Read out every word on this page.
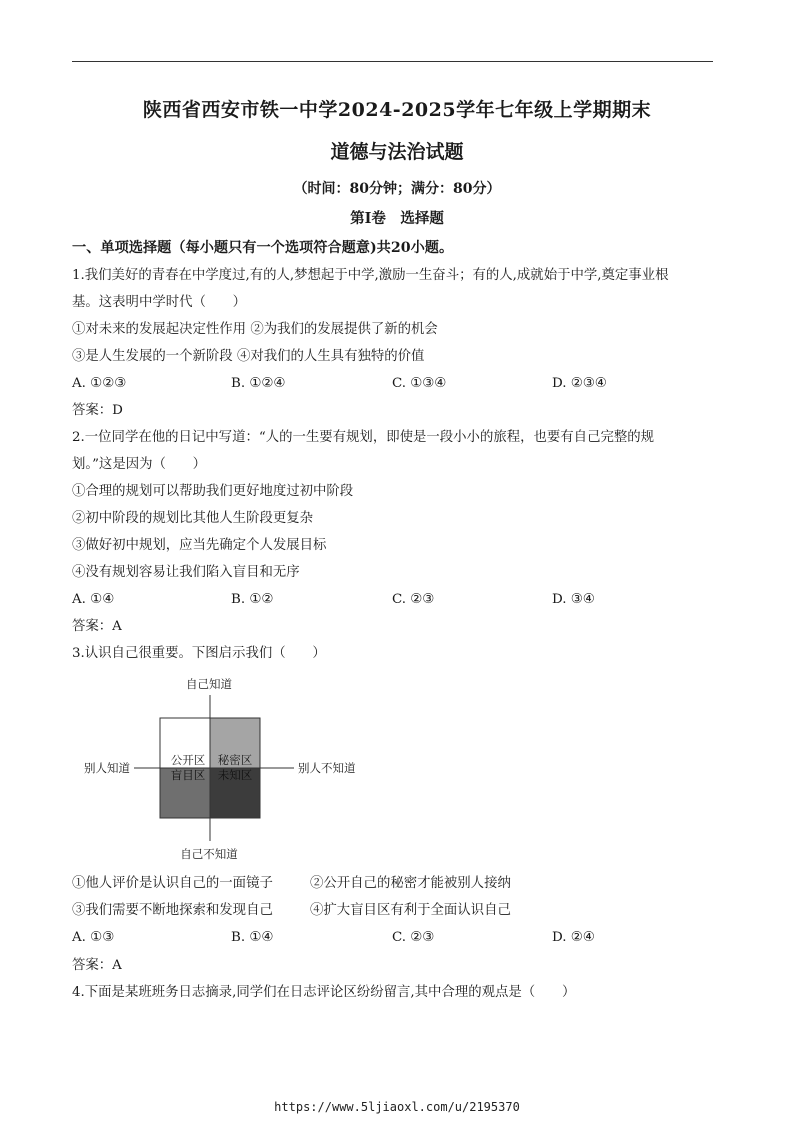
陕西省西安市铁一中学2024-2025学年七年级上学期期末
道德与法治试题
（时间：80分钟；满分：80分）
第Ⅰ卷　选择题
一、单项选择题（每小题只有一个选项符合题意)共20小题。
1.我们美好的青春在中学度过,有的人,梦想起于中学,激励一生奋斗；有的人,成就始于中学,奠定事业根
基。这表明中学时代（　　）
①对未来的发展起决定性作用 ②为我们的发展提供了新的机会
③是人生发展的一个新阶段 ④对我们的人生具有独特的价值
A. ①②③	B. ①②④	C. ①③④	D. ②③④
答案：D
2.一位同学在他的日记中写道：“人的一生要有规划，即使是一段小小的旅程，也要有自己完整的规
划。”这是因为（　　）
①合理的规划可以帮助我们更好地度过初中阶段
②初中阶段的规划比其他人生阶段更复杂
③做好初中规划，应当先确定个人发展目标
④没有规划容易让我们陷入盲目和无序
A. ①④	B. ①②	C. ②③	D. ③④
答案：A
3.认识自己很重要。下图启示我们（　　）
自己知道
公开区 秘密区
盲目区 未知区
别人知道	别人不知道
自己不知道
①他人评价是认识自己的一面镜子	②公开自己的秘密才能被别人接纳
③我们需要不断地探索和发现自己	④扩大盲目区有利于全面认识自己
A. ①③	B. ①④	C. ②③	D. ②④
答案：A
4.下面是某班班务日志摘录,同学们在日志评论区纷纷留言,其中合理的观点是（　　）
https://www.5ljiaoxl.com/u/2195370
